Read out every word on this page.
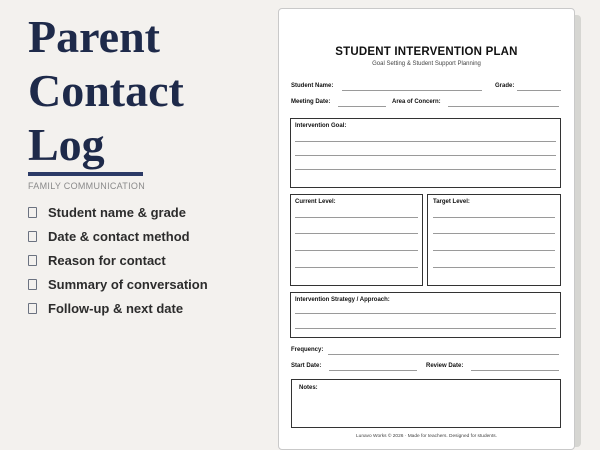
Parent
Contact
Log
FAMILY COMMUNICATION
Student name & grade
Date & contact method
Reason for contact
Summary of conversation
Follow-up & next date
STUDENT INTERVENTION PLAN
Goal Setting & Student Support Planning
Student Name:	Grade:
Meeting Date:	Area of Concern:
Intervention Goal:
Current Level:	Target Level:
Intervention Strategy / Approach:
Frequency:
Start Date:	Review Date:
Notes:
Lunavo Works © 2026 · Made for teachers. Designed for students.
